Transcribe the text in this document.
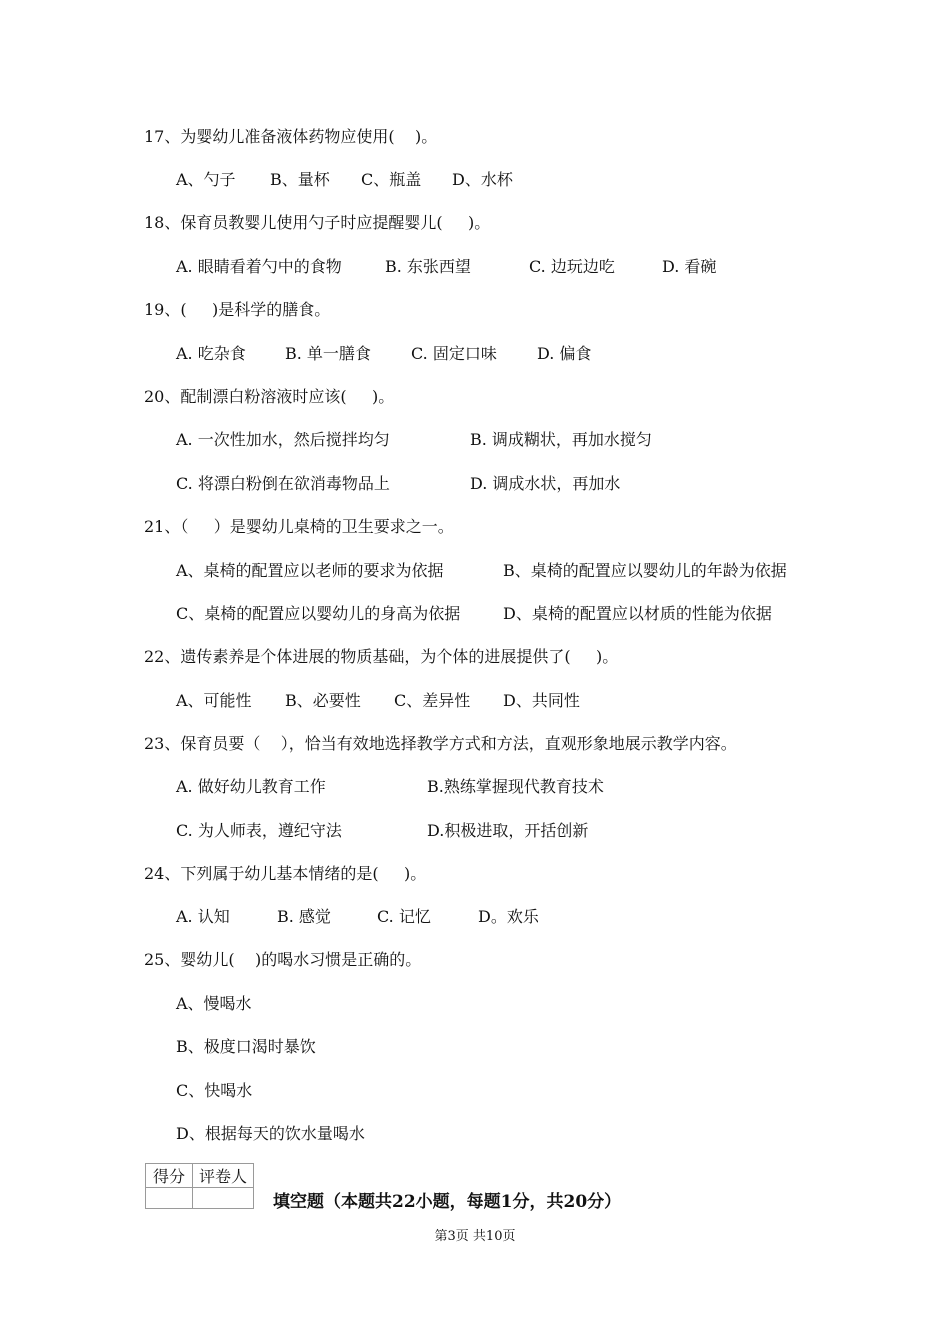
17、为婴幼儿准备液体药物应使用(    )。
A、勺子 B、量杯 C、瓶盖 D、水杯
18、保育员教婴儿使用勺子时应提醒婴儿(     )。
A. 眼睛看着勺中的食物	B. 东张西望	C. 边玩边吃	D. 看碗
19、(     )是科学的膳食。
A. 吃杂食 B. 单一膳食	C. 固定口味	D. 偏食
20、配制漂白粉溶液时应该(     )。
A. 一次性加水，然后搅拌均匀	B. 调成糊状，再加水搅匀
C. 将漂白粉倒在欲消毒物品上	D. 调成水状，再加水
21、（     ）是婴幼儿桌椅的卫生要求之一。
A、桌椅的配置应以老师的要求为依据	B、桌椅的配置应以婴幼儿的年龄为依据
C、桌椅的配置应以婴幼儿的身高为依据	D、桌椅的配置应以材质的性能为依据
22、遗传素养是个体进展的物质基础，为个体的进展提供了(     )。
A、可能性 B、必要性 C、差异性 D、共同性
23、保育员要（    ），恰当有效地选择教学方式和方法，直观形象地展示教学内容。
A. 做好幼儿教育工作	B.熟练掌握现代教育技术
C. 为人师表，遵纪守法	D.积极进取，开括创新
24、下列属于幼儿基本情绪的是(     )。
A. 认知	B. 感觉	C. 记忆	D。欢乐
25、婴幼儿(    )的喝水习惯是正确的。
A、慢喝水
B、极度口渴时暴饮
C、快喝水
D、根据每天的饮水量喝水
得分	评卷人

填空题（本题共22小题，每题1分，共20分）
第3页 共10页
